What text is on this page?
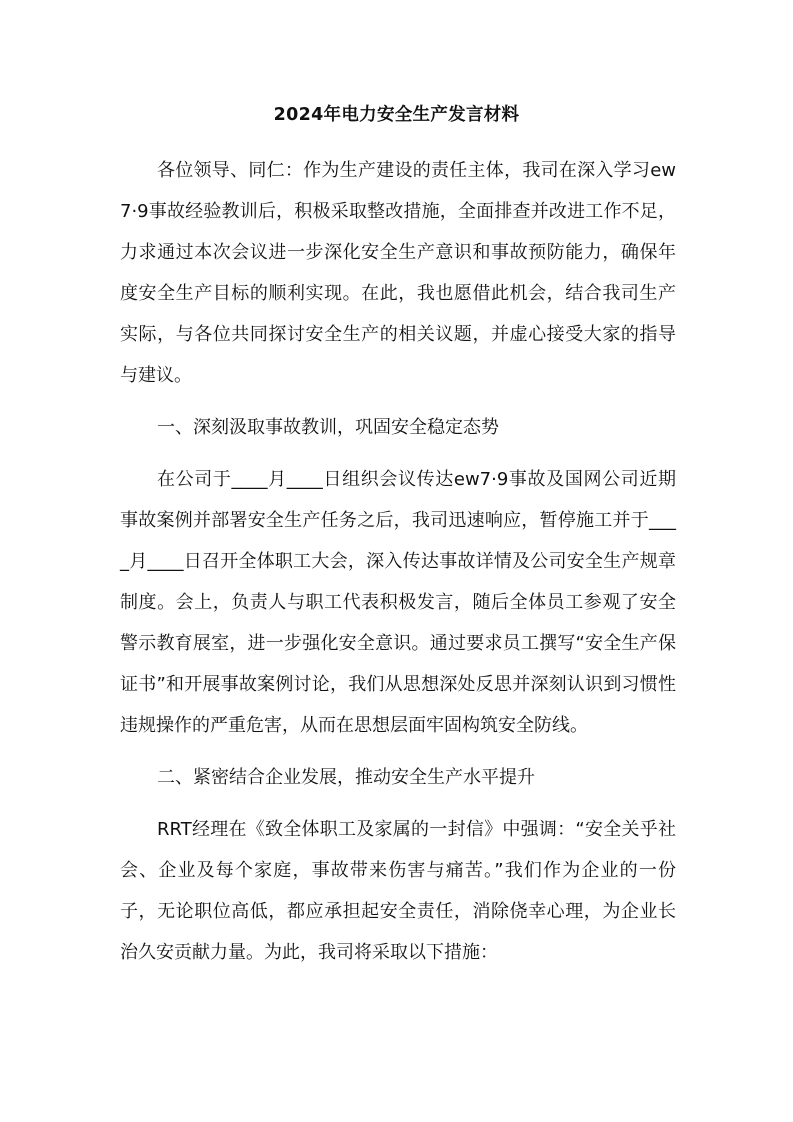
2024年电力安全生产发言材料

各位领导、同仁：作为生产建设的责任主体，我司在深入学习ew7·9事故经验教训后，积极采取整改措施，全面排查并改进工作不足，力求通过本次会议进一步深化安全生产意识和事故预防能力，确保年度安全生产目标的顺利实现。在此，我也愿借此机会，结合我司生产实际，与各位共同探讨安全生产的相关议题，并虚心接受大家的指导与建议。

一、深刻汲取事故教训，巩固安全稳定态势

在公司于____月____日组织会议传达ew7·9事故及国网公司近期事故案例并部署安全生产任务之后，我司迅速响应，暂停施工并于____月____日召开全体职工大会，深入传达事故详情及公司安全生产规章制度。会上，负责人与职工代表积极发言，随后全体员工参观了安全警示教育展室，进一步强化安全意识。通过要求员工撰写“安全生产保证书”和开展事故案例讨论，我们从思想深处反思并深刻认识到习惯性违规操作的严重危害，从而在思想层面牢固构筑安全防线。

二、紧密结合企业发展，推动安全生产水平提升

RRT经理在《致全体职工及家属的一封信》中强调：“安全关乎社会、企业及每个家庭，事故带来伤害与痛苦。”我们作为企业的一份子，无论职位高低，都应承担起安全责任，消除侥幸心理，为企业长治久安贡献力量。为此，我司将采取以下措施：
